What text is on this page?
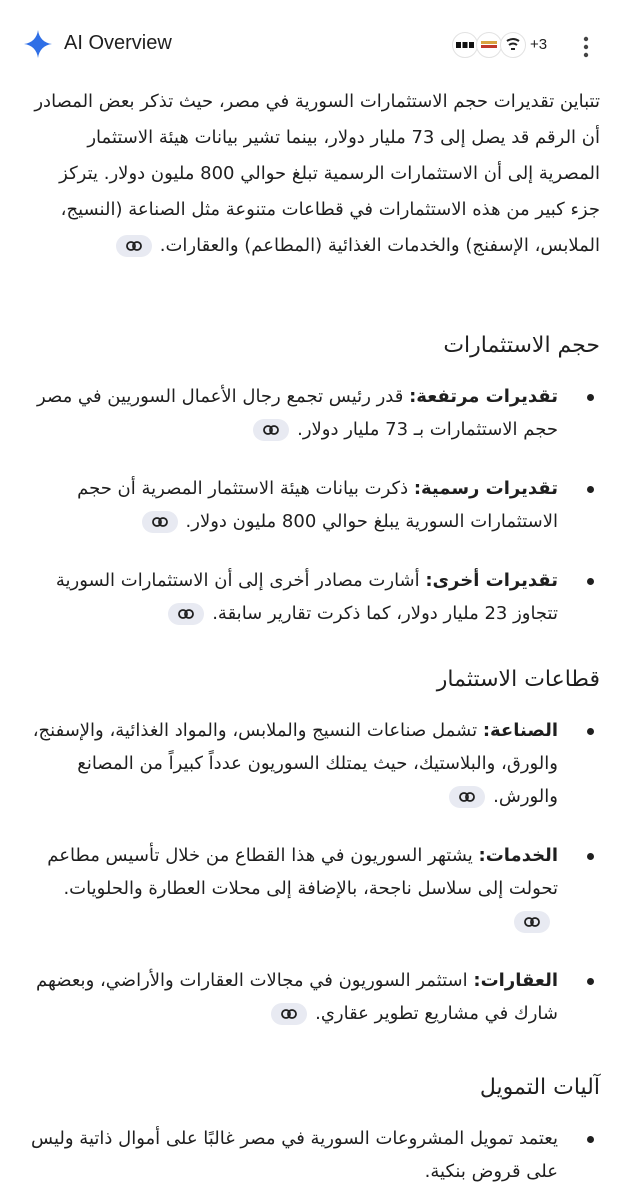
AI Overview	+3

تتباين تقديرات حجم الاستثمارات السورية في مصر، حيث تذكر بعض المصادر أن الرقم قد يصل إلى 73 مليار دولار، بينما تشير بيانات هيئة الاستثمار المصرية إلى أن الاستثمارات الرسمية تبلغ حوالي 800 مليون دولار. يتركز جزء كبير من هذه الاستثمارات في قطاعات متنوعة مثل الصناعة (النسيج، الملابس، الإسفنج) والخدمات الغذائية (المطاعم) والعقارات.

حجم الاستثمارات
تقديرات مرتفعة: قدر رئيس تجمع رجال الأعمال السوريين في مصر حجم الاستثمارات بـ 73 مليار دولار.
تقديرات رسمية: ذكرت بيانات هيئة الاستثمار المصرية أن حجم الاستثمارات السورية يبلغ حوالي 800 مليون دولار.
تقديرات أخرى: أشارت مصادر أخرى إلى أن الاستثمارات السورية تتجاوز 23 مليار دولار، كما ذكرت تقارير سابقة.
قطاعات الاستثمار
الصناعة: تشمل صناعات النسيج والملابس، والمواد الغذائية، والإسفنج، والورق، والبلاستيك، حيث يمتلك السوريون عدداً كبيراً من المصانع والورش.
الخدمات: يشتهر السوريون في هذا القطاع من خلال تأسيس مطاعم تحولت إلى سلاسل ناجحة، بالإضافة إلى محلات العطارة والحلويات.
العقارات: استثمر السوريون في مجالات العقارات والأراضي، وبعضهم شارك في مشاريع تطوير عقاري.
آليات التمويل
يعتمد تمويل المشروعات السورية في مصر غالبًا على أموال ذاتية وليس على قروض بنكية.
